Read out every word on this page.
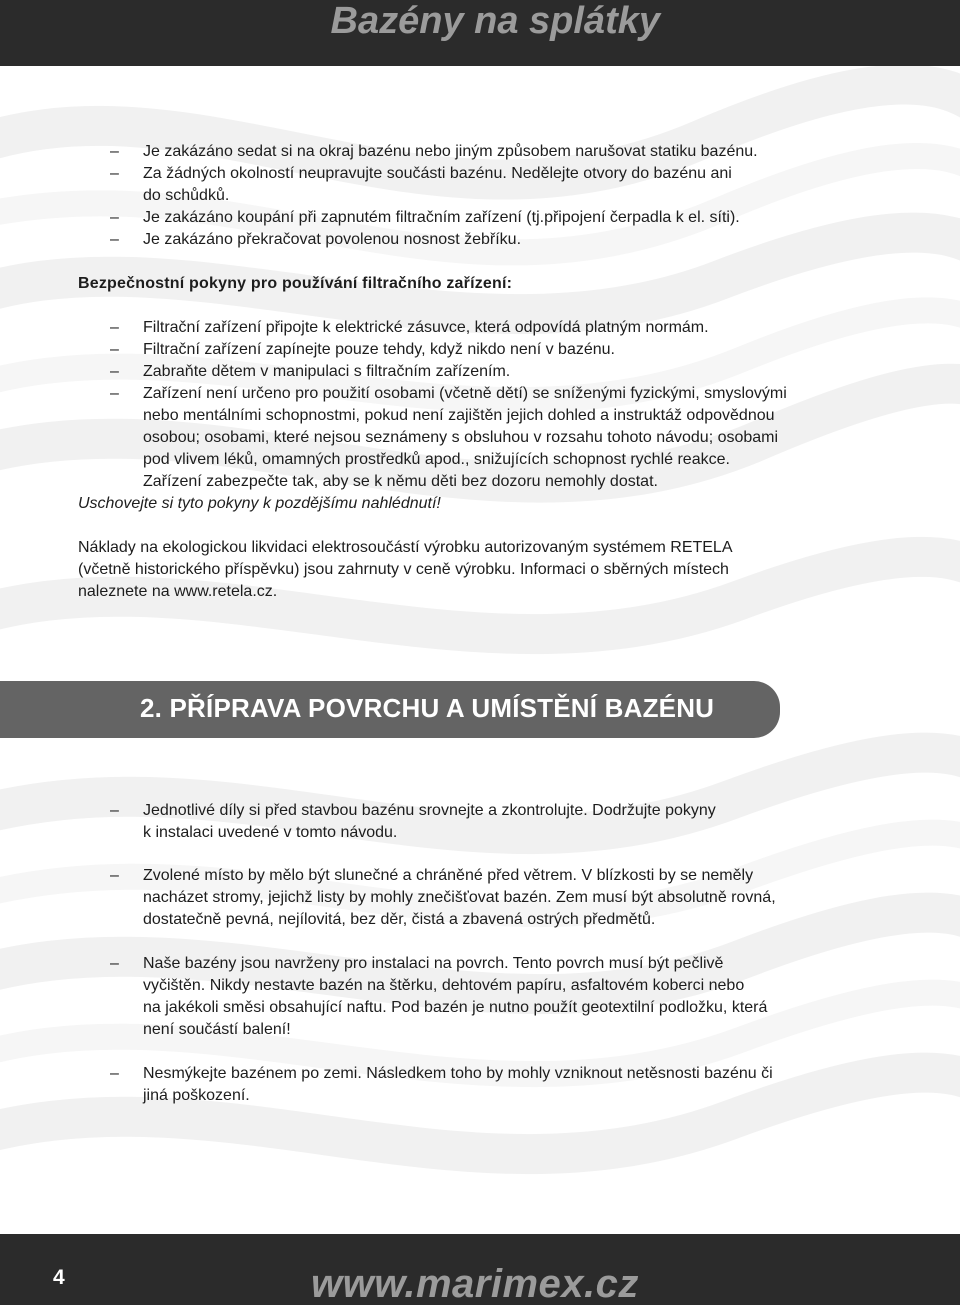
Bazény na splátky
– Je zakázáno sedat si na okraj bazénu nebo jiným způsobem narušovat statiku bazénu.
– Za žádných okolností neupravujte součásti bazénu. Nedělejte otvory do bazénu ani
do schůdků.
– Je zakázáno koupání při zapnutém filtračním zařízení (tj.připojení čerpadla k el. síti).
– Je zakázáno překračovat povolenou nosnost žebříku.
Bezpečnostní pokyny pro používání filtračního zařízení:
– Filtrační zařízení připojte k elektrické zásuvce, která odpovídá platným normám.
– Filtrační zařízení zapínejte pouze tehdy, když nikdo není v bazénu.
– Zabraňte dětem v manipulaci s filtračním zařízením.
– Zařízení není určeno pro použití osobami (včetně dětí) se sníženými fyzickými, smyslovými
nebo mentálními schopnostmi, pokud není zajištěn jejich dohled a instruktáž odpovědnou
osobou; osobami, které nejsou seznámeny s obsluhou v rozsahu tohoto návodu; osobami
pod vlivem léků, omamných prostředků apod., snižujících schopnost rychlé reakce.
Zařízení zabezpečte tak, aby se k němu děti bez dozoru nemohly dostat.
Uschovejte si tyto pokyny k pozdějšímu nahlédnutí!
Náklady na ekologickou likvidaci elektrosoučástí výrobku autorizovaným systémem RETELA
(včetně historického příspěvku) jsou zahrnuty v ceně výrobku. Informaci o sběrných místech
naleznete na www.retela.cz.
– Jednotlivé díly si před stavbou bazénu srovnejte a zkontrolujte. Dodržujte pokyny
k instalaci uvedené v tomto návodu.
– Zvolené místo by mělo být slunečné a chráněné před větrem. V blízkosti by se neměly
nacházet stromy, jejichž listy by mohly znečišťovat bazén. Zem musí být absolutně rovná,
dostatečně pevná, nejílovitá, bez děr, čistá a zbavená ostrých předmětů.
– Naše bazény jsou navrženy pro instalaci na povrch. Tento povrch musí být pečlivě
vyčištěn. Nikdy nestavte bazén na štěrku, dehtovém papíru, asfaltovém koberci nebo
na jakékoli směsi obsahující naftu. Pod bazén je nutno použít geotextilní podložku, která
není součástí balení!
– Nesmýkejte bazénem po zemi. Následkem toho by mohly vzniknout netěsnosti bazénu či
jiná poškození.
2. PŘÍPRAVA POVRCHU A UMÍSTĚNÍ BAZÉNU
4	www.marimex.cz
